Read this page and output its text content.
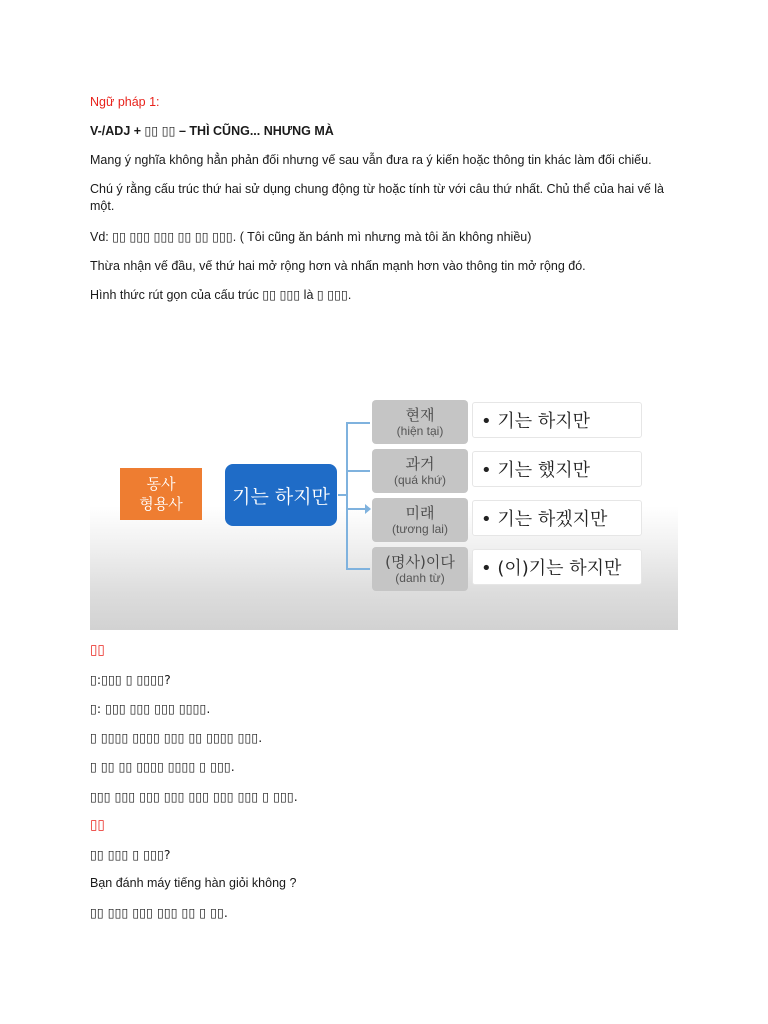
Ngữ pháp 1:
V-/ADJ + ▯▯ ▯▯ – THÌ CŨNG... NHƯNG MÀ
Mang ý nghĩa không hẳn phản đối nhưng vế sau vẫn đưa ra ý kiến hoặc thông tin khác làm đối chiếu.
Chú ý rằng cấu trúc thứ hai sử dụng chung động từ hoặc tính từ với câu thứ nhất. Chủ thể của hai vế là một.
Vd: ▯▯ ▯▯▯ ▯▯▯ ▯▯ ▯▯ ▯▯▯. ( Tôi cũng ăn bánh mì nhưng mà tôi ăn không nhiều)
Thừa nhận vế đầu, vế thứ hai mở rộng hơn và nhấn mạnh hơn vào thông tin mở rộng đó.
Hình thức rút gọn của cấu trúc ▯▯ ▯▯▯ là ▯ ▯▯▯.
동사
형용사	기는 하지만
현재
(hiện tại)	• 기는 하지만
과거
(quá khứ)	• 기는 했지만
미래
(tương lai)	• 기는 하겠지만
(명사)이다
(danh từ)	• (이)기는 하지만
▯▯
▯:▯▯▯ ▯ ▯▯▯▯?
▯: ▯▯▯ ▯▯▯ ▯▯▯ ▯▯▯▯.
▯ ▯▯▯▯ ▯▯▯▯ ▯▯▯ ▯▯ ▯▯▯▯ ▯▯▯.
▯ ▯▯ ▯▯ ▯▯▯▯ ▯▯▯▯ ▯ ▯▯▯.
▯▯▯ ▯▯▯ ▯▯▯ ▯▯▯ ▯▯▯ ▯▯▯ ▯▯▯ ▯ ▯▯▯.
▯▯
▯▯ ▯▯▯ ▯ ▯▯▯?
Bạn đánh máy tiếng hàn giỏi không ?
▯▯ ▯▯▯ ▯▯▯ ▯▯▯ ▯▯ ▯ ▯▯.
